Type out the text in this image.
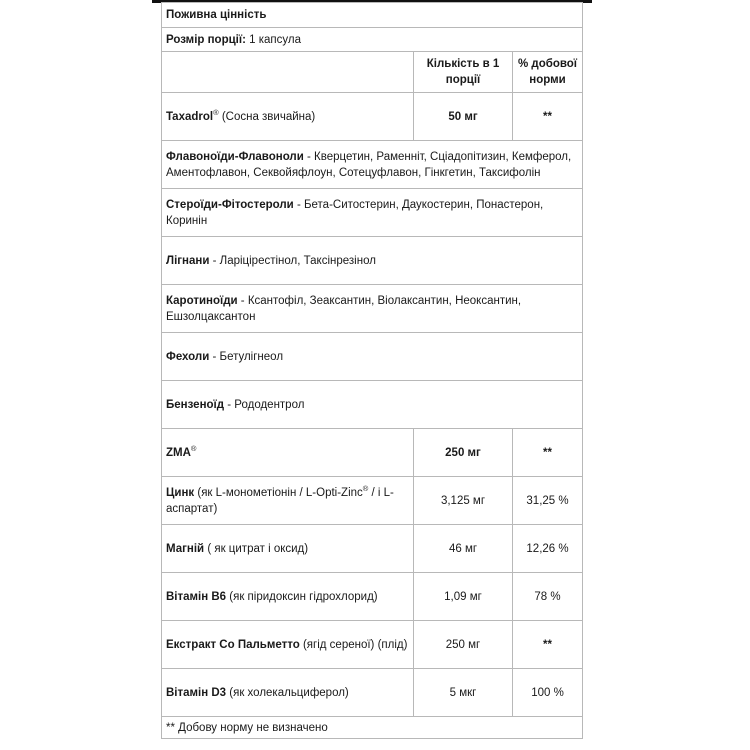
Поживна цінність		
Розмір порції: 1 капсула		
	Кількість в 1 порції	% добової норми
Taxadrol® (Сосна звичайна)	50 мг	**
Флавоноїди-Флавоноли - Кверцетин, Раменніт, Сціадопітизин, Кемферол, Аментофлавон, Секвойяфлоун, Сотецуфлавон, Гінкгетин, Таксифолін		
Стероїди-Фітостероли - Бета-Ситостерин, Даукостерин, Понастерон, Коринін		
Лігнани - Ларіцірестінол, Таксінрезінол		
Каротиноїди - Ксантофіл, Зеаксантин, Віолаксантин, Неоксантин, Ешзолцаксантон		
Фехоли - Бетулігнеол		
Бензеноїд - Рододентрол		
ZMA®	250 мг	**
Цинк (як L-монометіонін / L-Opti-Zinc® / і L-аспартат)	3,125 мг	31,25 %
Магній ( як цитрат і оксид)	46 мг	12,26 %
Вітамін В6 (як піридоксин гідрохлорид)	1,09 мг	78 %
Екстракт Со Пальметто (ягід сереної) (плід)	250 мг	**
Вітамін D3 (як холекальциферол)	5 мкг	100 %
** Добову норму не визначено		
